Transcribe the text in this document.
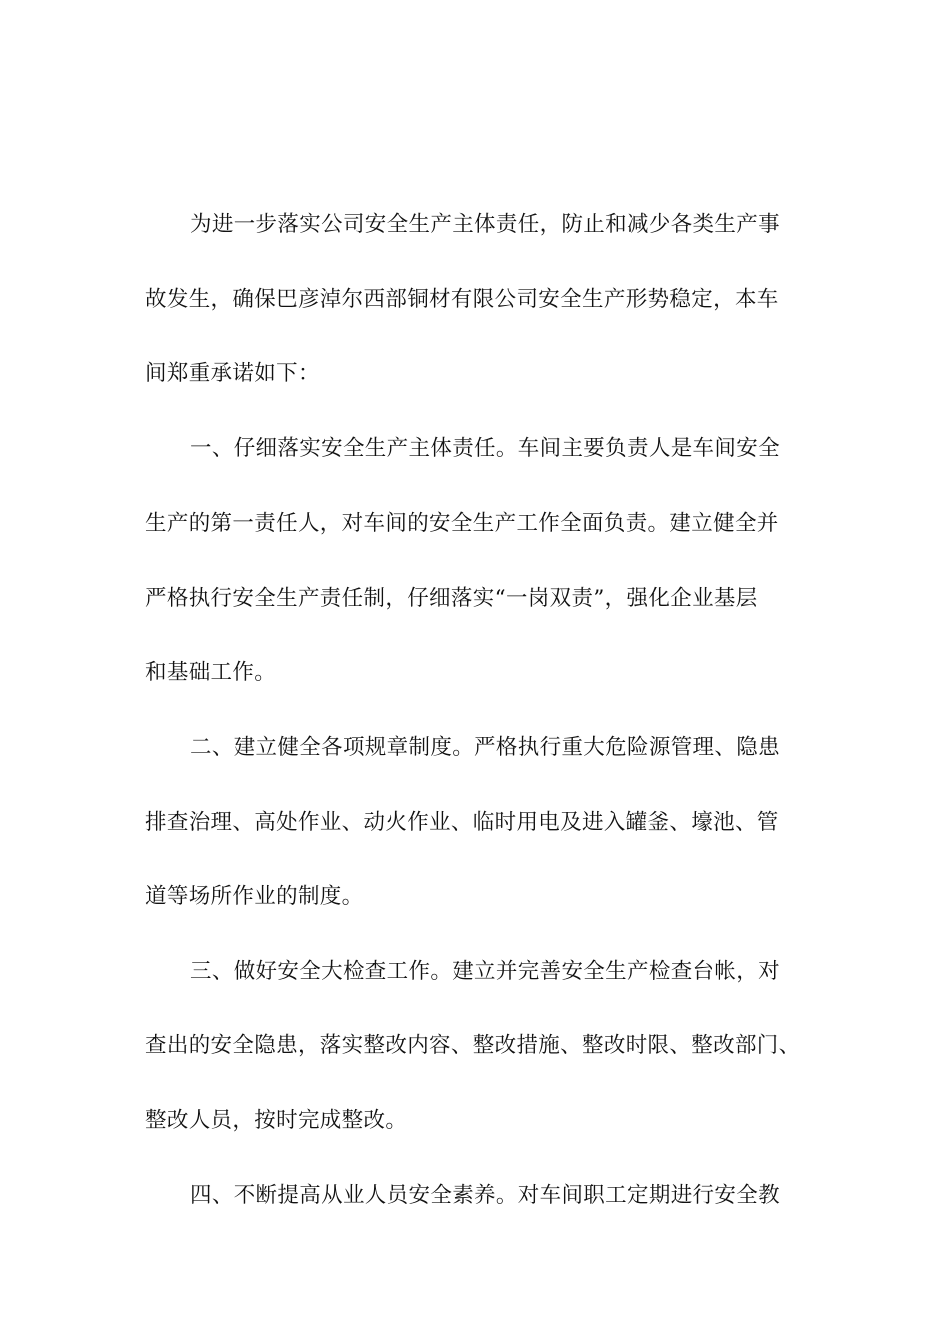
为进一步落实公司安全生产主体责任，防止和减少各类生产事
故发生，确保巴彦淖尔西部铜材有限公司安全生产形势稳定，本车
间郑重承诺如下：
一、仔细落实安全生产主体责任。车间主要负责人是车间安全
生产的第一责任人，对车间的安全生产工作全面负责。建立健全并
严格执行安全生产责任制，仔细落实“一岗双责”，强化企业基层
和基础工作。
二、建立健全各项规章制度。严格执行重大危险源管理、隐患
排查治理、高处作业、动火作业、临时用电及进入罐釜、壕池、管
道等场所作业的制度。
三、做好安全大检查工作。建立并完善安全生产检查台帐，对
查出的安全隐患，落实整改内容、整改措施、整改时限、整改部门、
整改人员，按时完成整改。
四、不断提高从业人员安全素养。对车间职工定期进行安全教
